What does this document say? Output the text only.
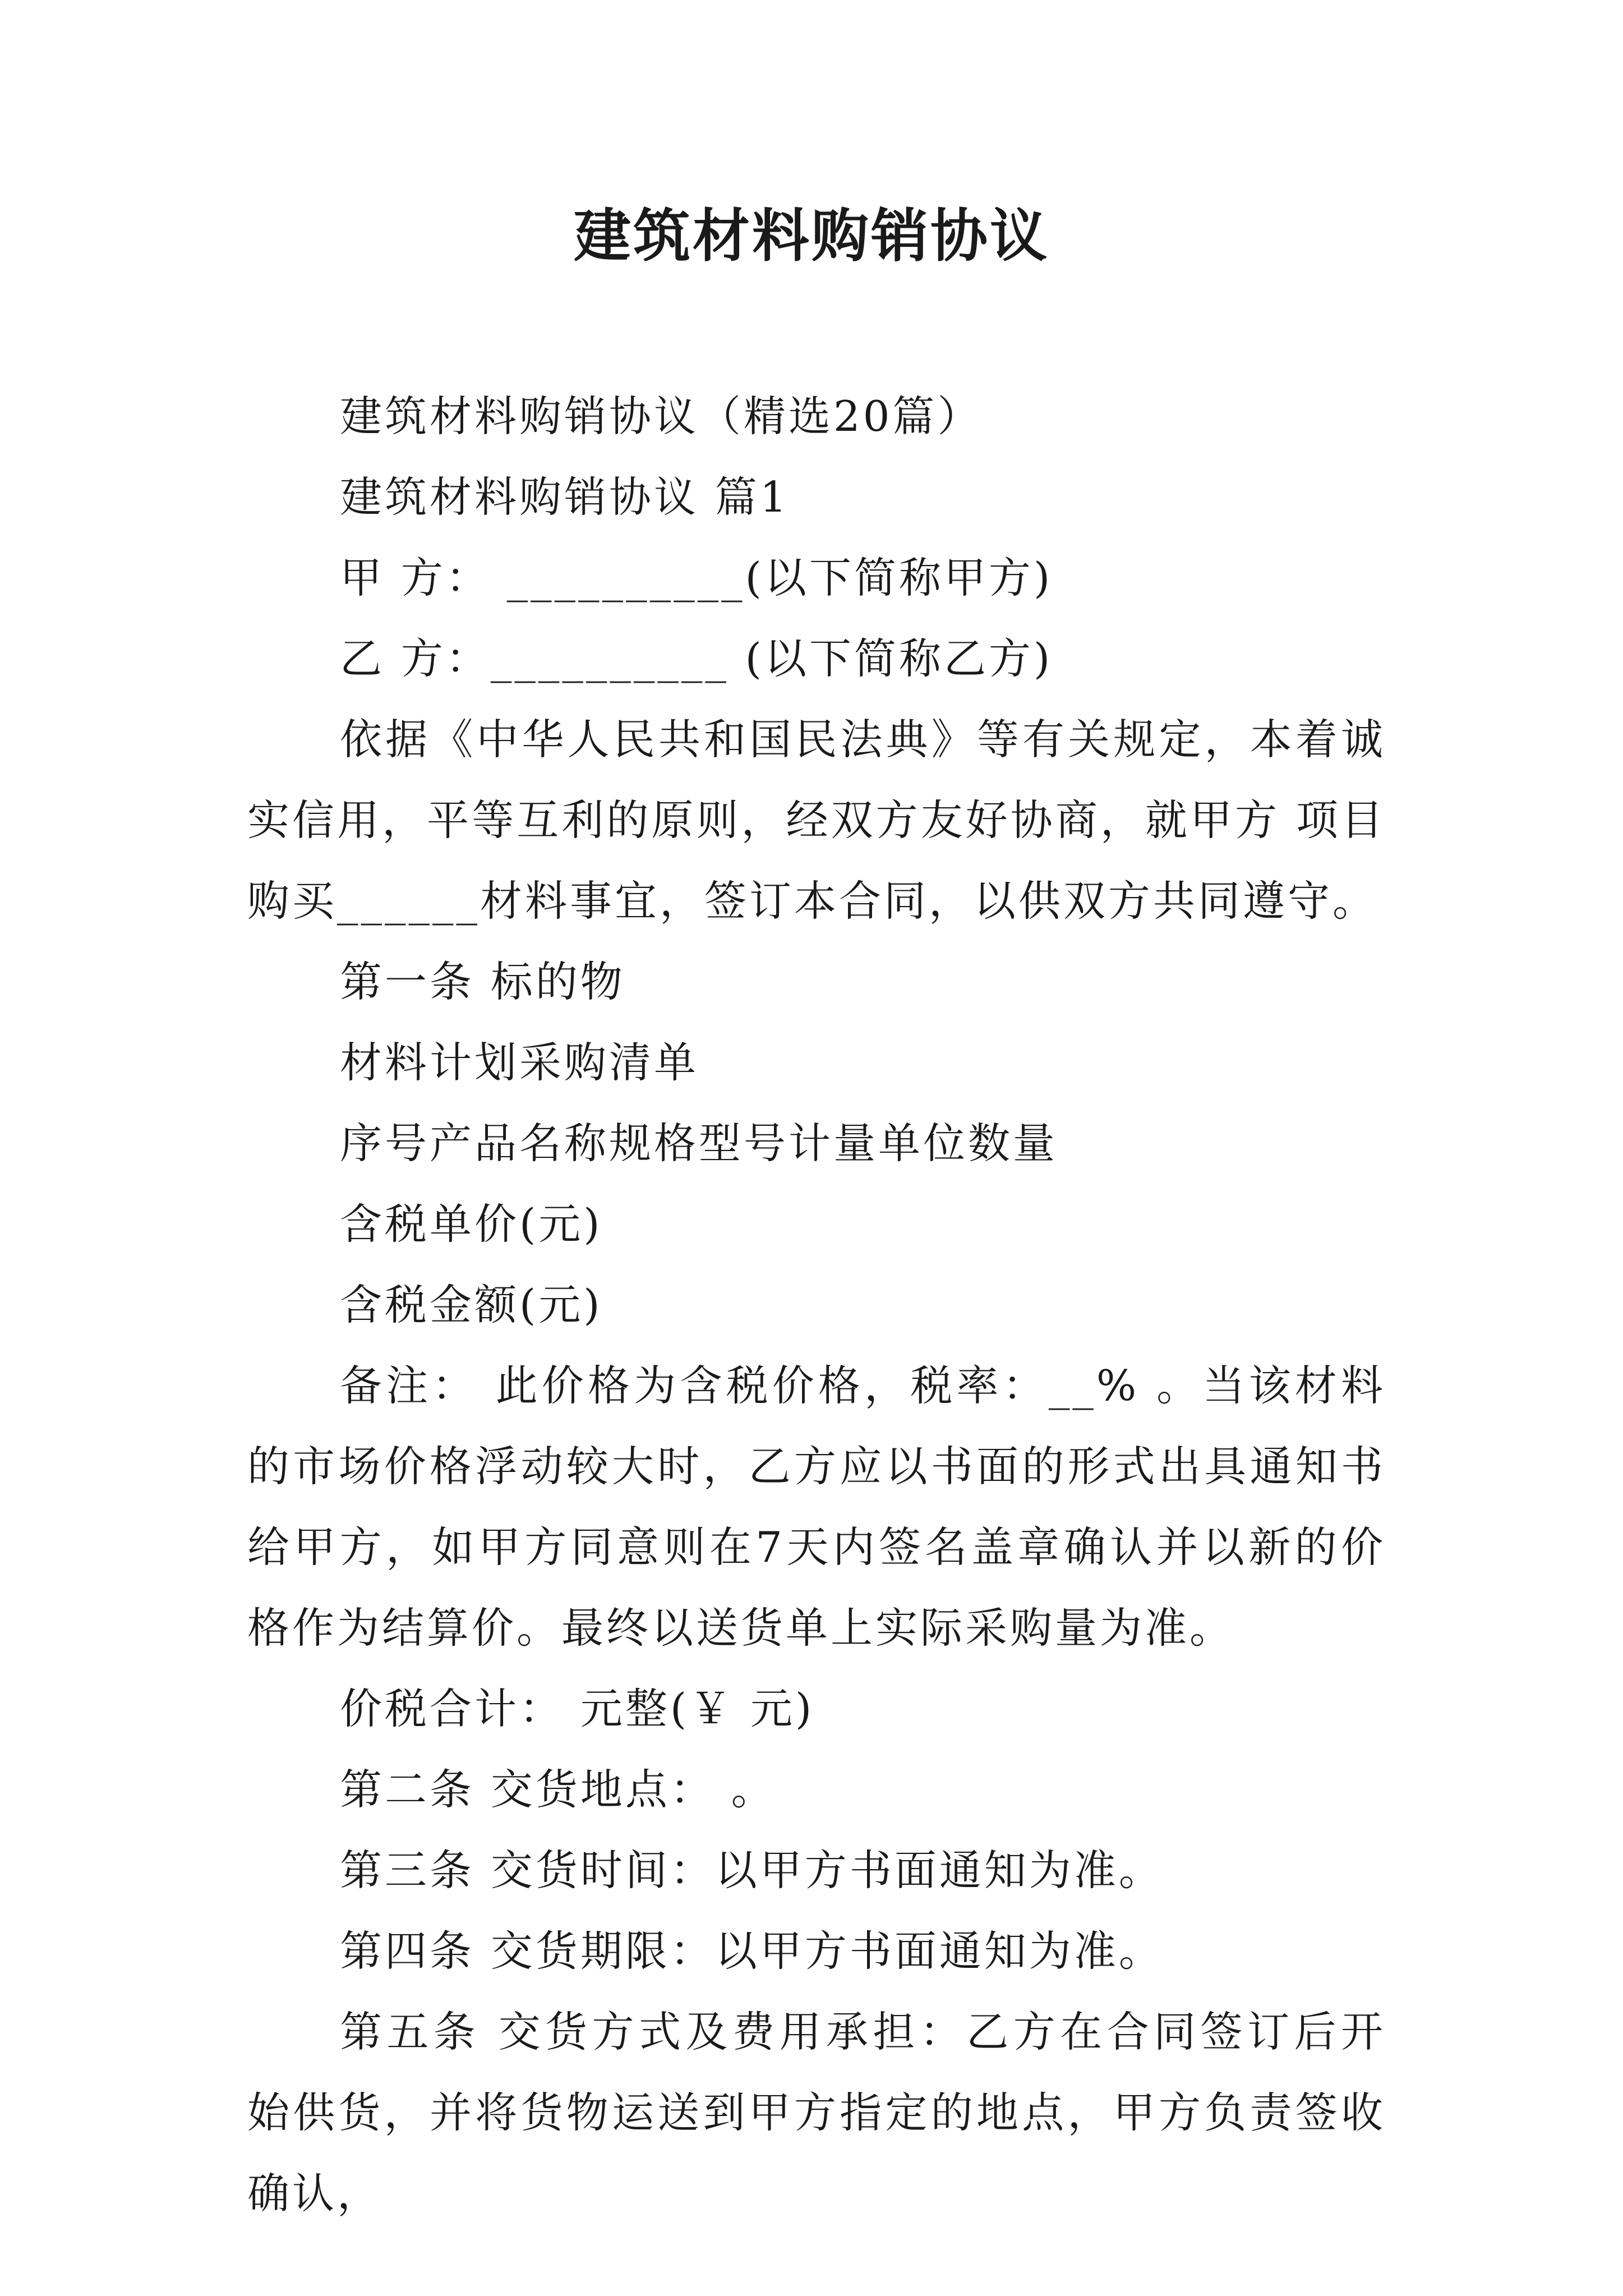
建筑材料购销协议

建筑材料购销协议（精选20篇）

建筑材料购销协议 篇1

甲 方： __________(以下简称甲方)

乙 方：__________ (以下简称乙方)

依据《中华人民共和国民法典》等有关规定，本着诚实信用，平等互利的原则，经双方友好协商，就甲方 项目购买______材料事宜，签订本合同，以供双方共同遵守。

第一条 标的物

材料计划采购清单

序号产品名称规格型号计量单位数量

含税单价(元)

含税金额(元)

备注： 此价格为含税价格，税率：__% 。当该材料的市场价格浮动较大时，乙方应以书面的形式出具通知书给甲方，如甲方同意则在7天内签名盖章确认并以新的价格作为结算价。最终以送货单上实际采购量为准。

价税合计： 元整(￥ 元)

第二条 交货地点： 。

第三条 交货时间：以甲方书面通知为准。

第四条 交货期限：以甲方书面通知为准。

第五条 交货方式及费用承担：乙方在合同签订后开始供货，并将货物运送到甲方指定的地点，甲方负责签收确认，
